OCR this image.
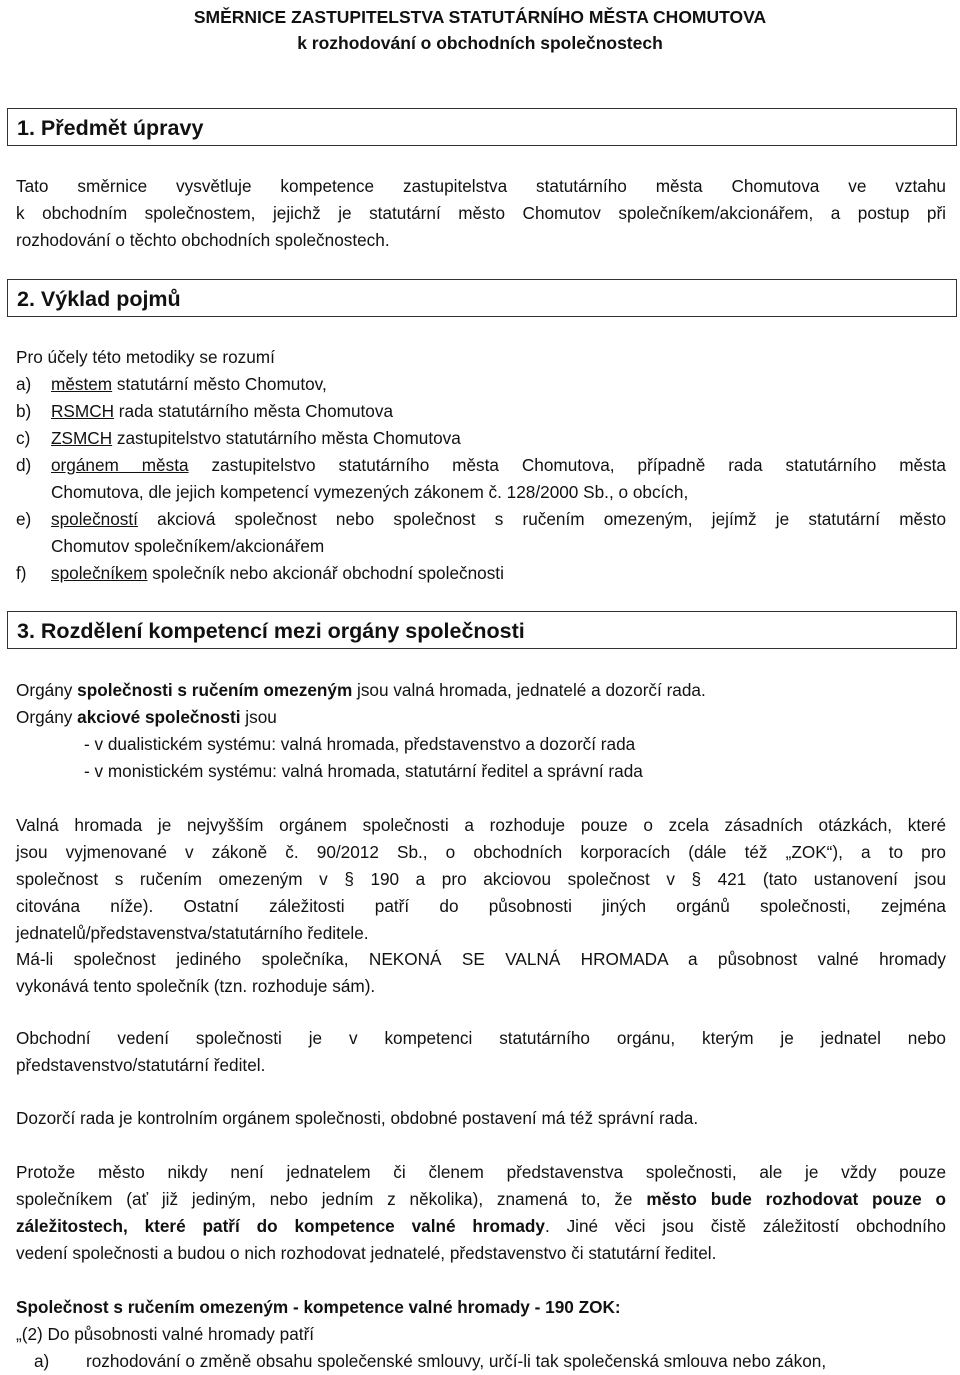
SMĚRNICE ZASTUPITELSTVA STATUTÁRNÍHO MĚSTA CHOMUTOVA
k rozhodování o obchodních společnostech
1. Předmět úpravy
Tato směrnice vysvětluje kompetence zastupitelstva statutárního města Chomutova ve vztahu
k obchodním společnostem, jejichž je statutární město Chomutov společníkem/akcionářem, a postup při
rozhodování o těchto obchodních společnostech.
2. Výklad pojmů
Pro účely této metodiky se rozumí
a)	městem statutární město Chomutov,
b)	RSMCH rada statutárního města Chomutova
c)	ZSMCH zastupitelstvo statutárního města Chomutova
d)	orgánem města zastupitelstvo statutárního města Chomutova, případně rada statutárního města
Chomutova, dle jejich kompetencí vymezených zákonem č. 128/2000 Sb., o obcích,
e)	společností akciová společnost nebo společnost s ručením omezeným, jejímž je statutární město
Chomutov společníkem/akcionářem
f)	společníkem společník nebo akcionář obchodní společnosti
3. Rozdělení kompetencí mezi orgány společnosti
Orgány společnosti s ručením omezeným jsou valná hromada, jednatelé a dozorčí rada.
Orgány akciové společnosti jsou
- v dualistickém systému: valná hromada, představenstvo a dozorčí rada
- v monistickém systému: valná hromada, statutární ředitel a správní rada
Valná hromada je nejvyšším orgánem společnosti a rozhoduje pouze o zcela zásadních otázkách, které
jsou vyjmenované v zákoně č. 90/2012 Sb., o obchodních korporacích (dále též „ZOK“), a to pro
společnost s ručením omezeným v § 190 a pro akciovou společnost v § 421 (tato ustanovení jsou
citována níže). Ostatní záležitosti patří do působnosti jiných orgánů společnosti, zejména
jednatelů/představenstva/statutárního ředitele.
Má-li společnost jediného společníka, NEKONÁ SE VALNÁ HROMADA a působnost valné hromady
vykonává tento společník (tzn. rozhoduje sám).
Obchodní vedení společnosti je v kompetenci statutárního orgánu, kterým je jednatel nebo
představenstvo/statutární ředitel.
Dozorčí rada je kontrolním orgánem společnosti, obdobné postavení má též správní rada.
Protože město nikdy není jednatelem či členem představenstva společnosti, ale je vždy pouze
společníkem (ať již jediným, nebo jedním z několika), znamená to, že město bude rozhodovat pouze o
záležitostech, které patří do kompetence valné hromady. Jiné věci jsou čistě záležitostí obchodního
vedení společnosti a budou o nich rozhodovat jednatelé, představenstvo či statutární ředitel.
Společnost s ručením omezeným - kompetence valné hromady - 190 ZOK:
„(2) Do působnosti valné hromady patří
a)	rozhodování o změně obsahu společenské smlouvy, určí-li tak společenská smlouva nebo zákon,
